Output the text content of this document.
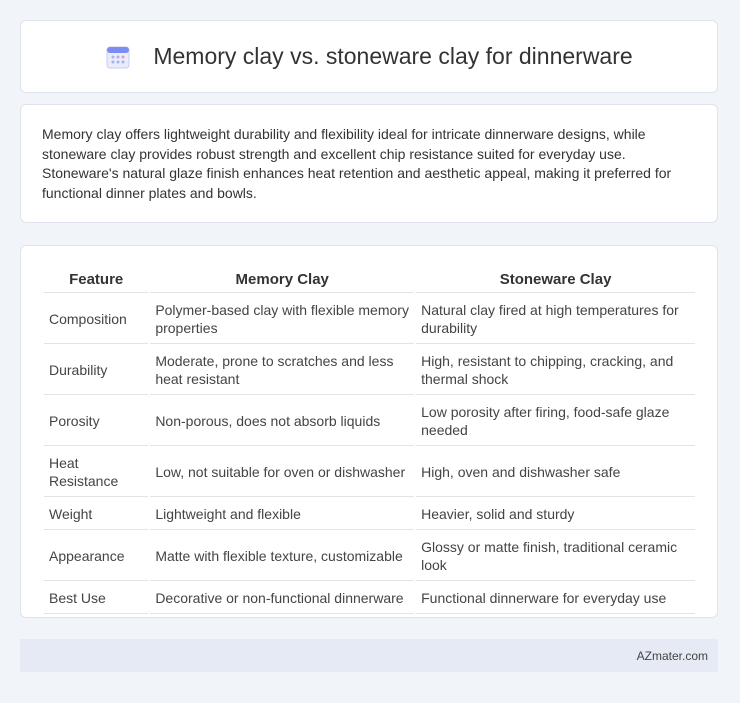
Memory clay vs. stoneware clay for dinnerware

Memory clay offers lightweight durability and flexibility ideal for intricate dinnerware designs, while stoneware clay provides robust strength and excellent chip resistance suited for everyday use. Stoneware's natural glaze finish enhances heat retention and aesthetic appeal, making it preferred for functional dinner plates and bowls.

Feature	Memory Clay	Stoneware Clay
Composition	Polymer-based clay with flexible memory properties	Natural clay fired at high temperatures for durability
Durability	Moderate, prone to scratches and less heat resistant	High, resistant to chipping, cracking, and thermal shock
Porosity	Non-porous, does not absorb liquids	Low porosity after firing, food-safe glaze needed
Heat Resistance	Low, not suitable for oven or dishwasher	High, oven and dishwasher safe
Weight	Lightweight and flexible	Heavier, solid and sturdy
Appearance	Matte with flexible texture, customizable	Glossy or matte finish, traditional ceramic look
Best Use	Decorative or non-functional dinnerware	Functional dinnerware for everyday use
AZmater.com
